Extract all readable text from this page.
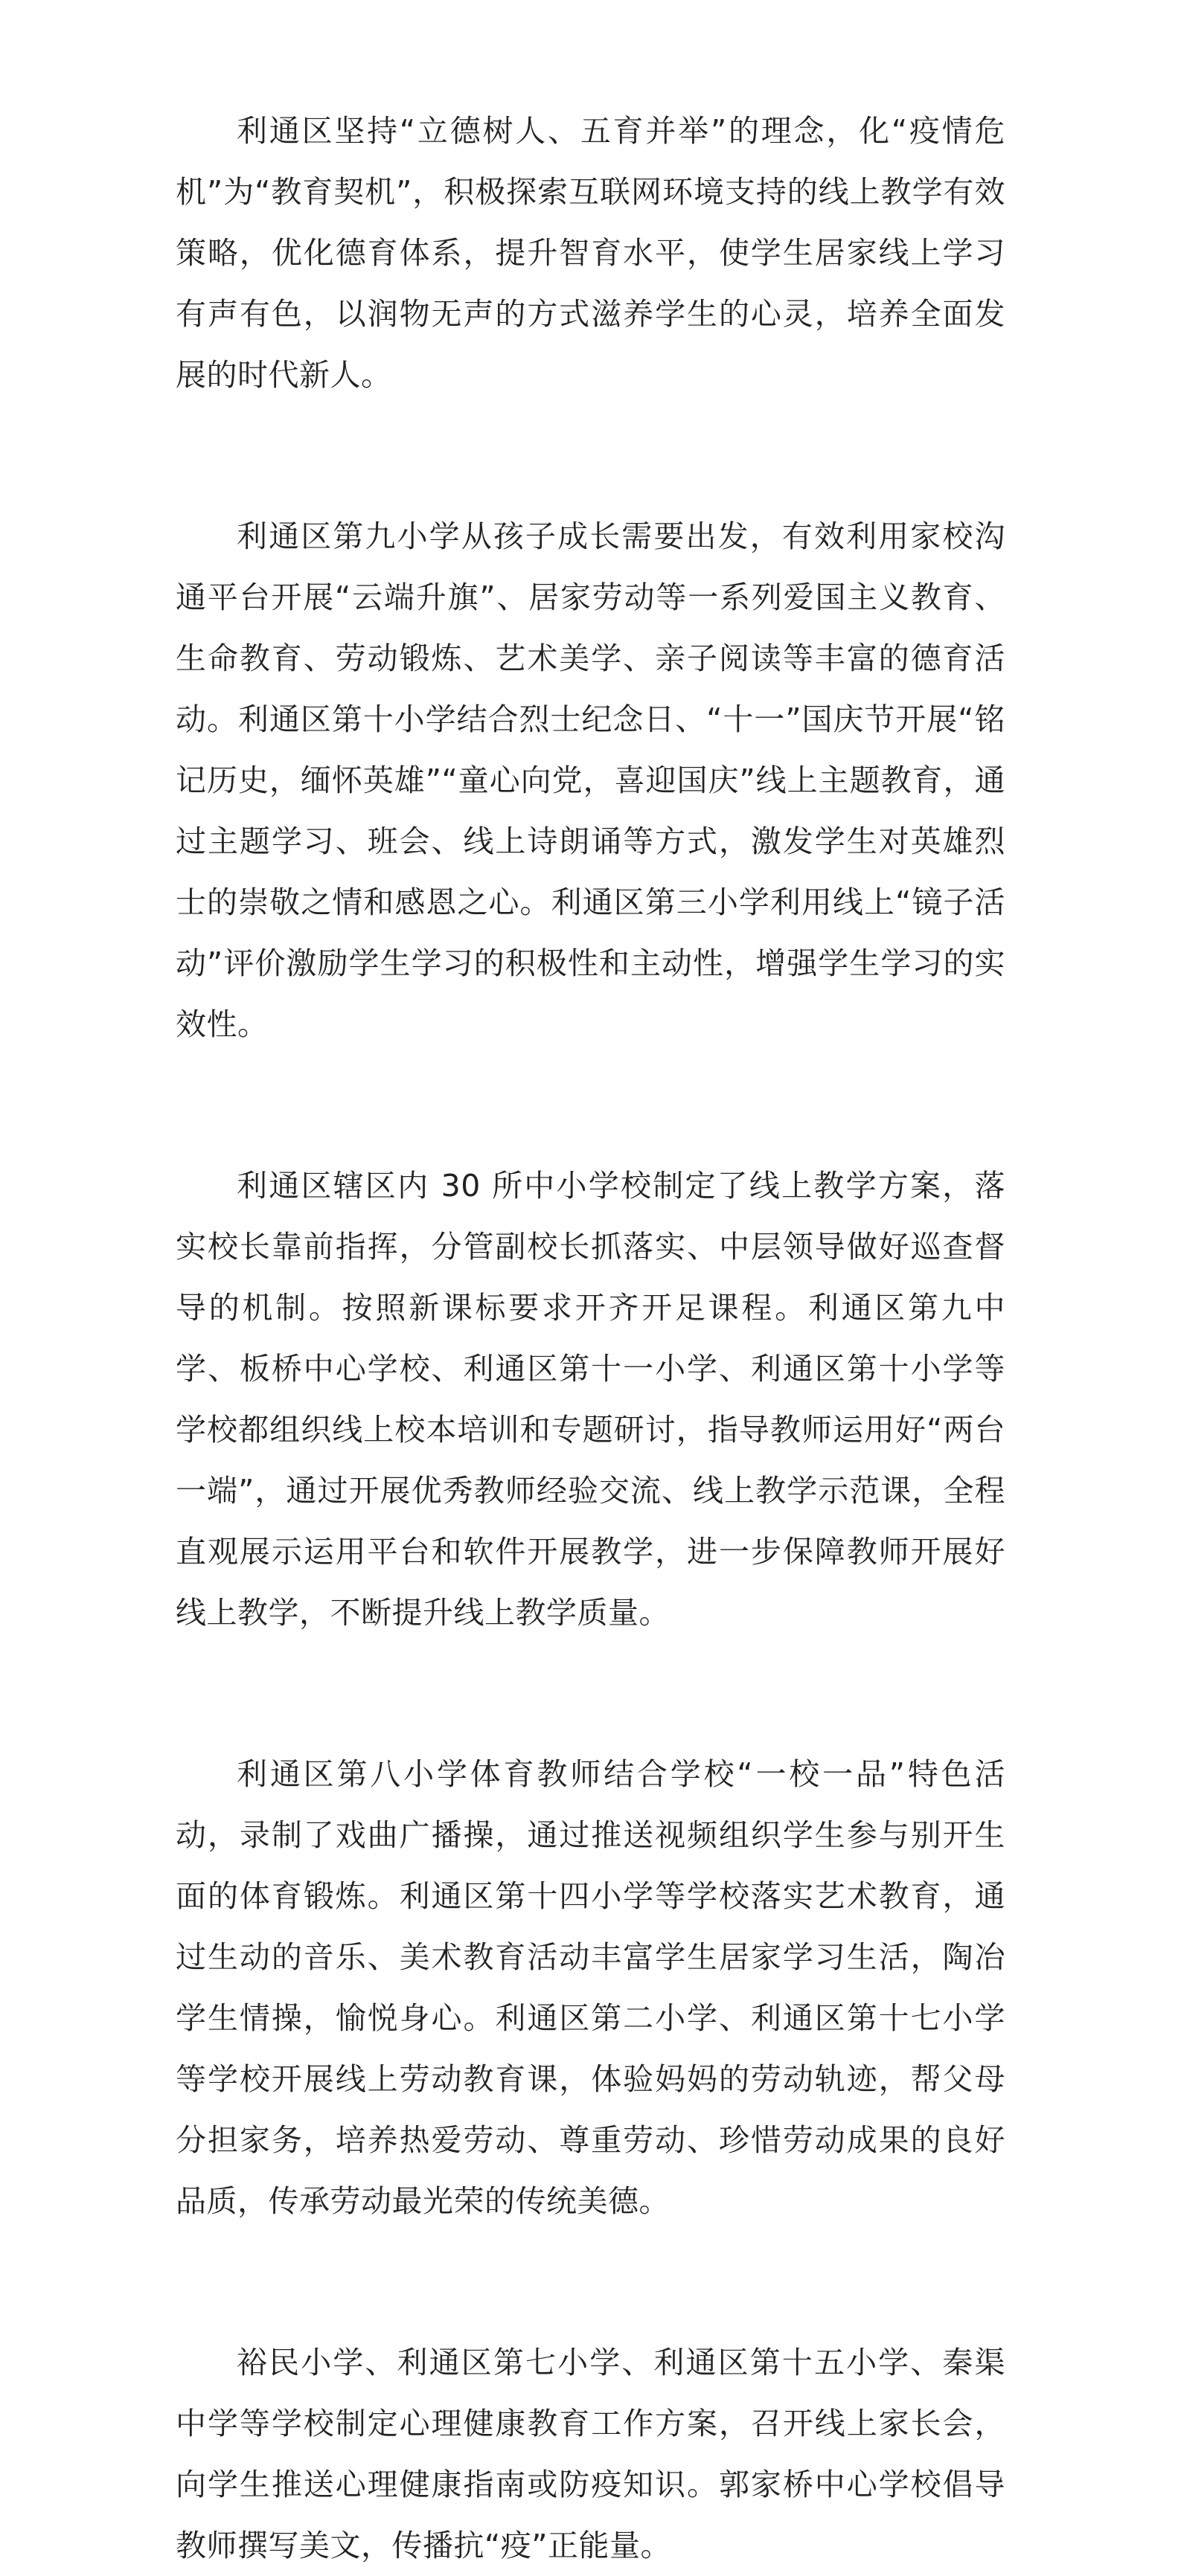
利通区坚持“立德树人、五育并举”的理念，化“疫情危机”为“教育契机”，积极探索互联网环境支持的线上教学有效策略，优化德育体系，提升智育水平，使学生居家线上学习有声有色，以润物无声的方式滋养学生的心灵，培养全面发展的时代新人。

利通区第九小学从孩子成长需要出发，有效利用家校沟通平台开展“云端升旗”、居家劳动等一系列爱国主义教育、生命教育、劳动锻炼、艺术美学、亲子阅读等丰富的德育活动。利通区第十小学结合烈士纪念日、“十一”国庆节开展“铭记历史，缅怀英雄”“童心向党，喜迎国庆”线上主题教育，通过主题学习、班会、线上诗朗诵等方式，激发学生对英雄烈士的崇敬之情和感恩之心。利通区第三小学利用线上“镜子活动”评价激励学生学习的积极性和主动性，增强学生学习的实效性。

利通区辖区内 30 所中小学校制定了线上教学方案，落实校长靠前指挥，分管副校长抓落实、中层领导做好巡查督导的机制。按照新课标要求开齐开足课程。利通区第九中学、板桥中心学校、利通区第十一小学、利通区第十小学等学校都组织线上校本培训和专题研讨，指导教师运用好“两台一端”，通过开展优秀教师经验交流、线上教学示范课，全程直观展示运用平台和软件开展教学，进一步保障教师开展好线上教学，不断提升线上教学质量。

利通区第八小学体育教师结合学校“一校一品”特色活动，录制了戏曲广播操，通过推送视频组织学生参与别开生面的体育锻炼。利通区第十四小学等学校落实艺术教育，通过生动的音乐、美术教育活动丰富学生居家学习生活，陶冶学生情操，愉悦身心。利通区第二小学、利通区第十七小学等学校开展线上劳动教育课，体验妈妈的劳动轨迹，帮父母分担家务，培养热爱劳动、尊重劳动、珍惜劳动成果的良好品质，传承劳动最光荣的传统美德。

裕民小学、利通区第七小学、利通区第十五小学、秦渠中学等学校制定心理健康教育工作方案，召开线上家长会，向学生推送心理健康指南或防疫知识。郭家桥中心学校倡导教师撰写美文，传播抗“疫”正能量。
